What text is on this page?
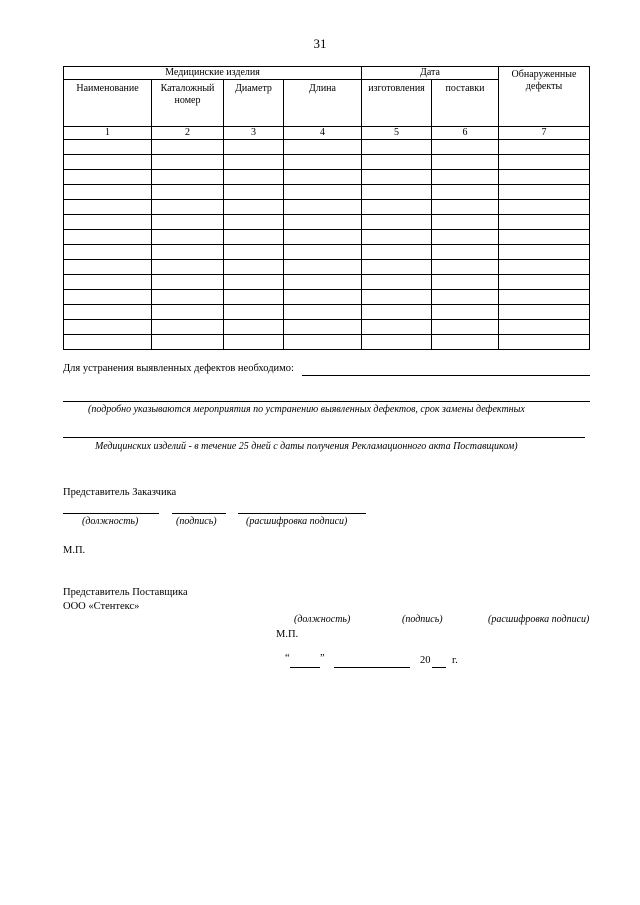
31
Медицинские изделия				Дата		Обнаруженные дефекты
Наименование	Каталожный номер	Диаметр	Длина	изготовления	поставки	
1	2	3	4	5	6	7

Для устранения выявленных дефектов необходимо:
(подробно указываются мероприятия по устранению выявленных дефектов, срок замены дефектных
Медицинских изделий - в течение 25 дней с даты получения Рекламационного акта Поставщиком)
Представитель Заказчика
(должность)	(подпись)	(расшифровка подписи)
М.П.
Представитель Поставщика
ООО «Стентекс»
(должность)	(подпись)	(расшифровка подписи)
М.П.
“	”	20 г.
